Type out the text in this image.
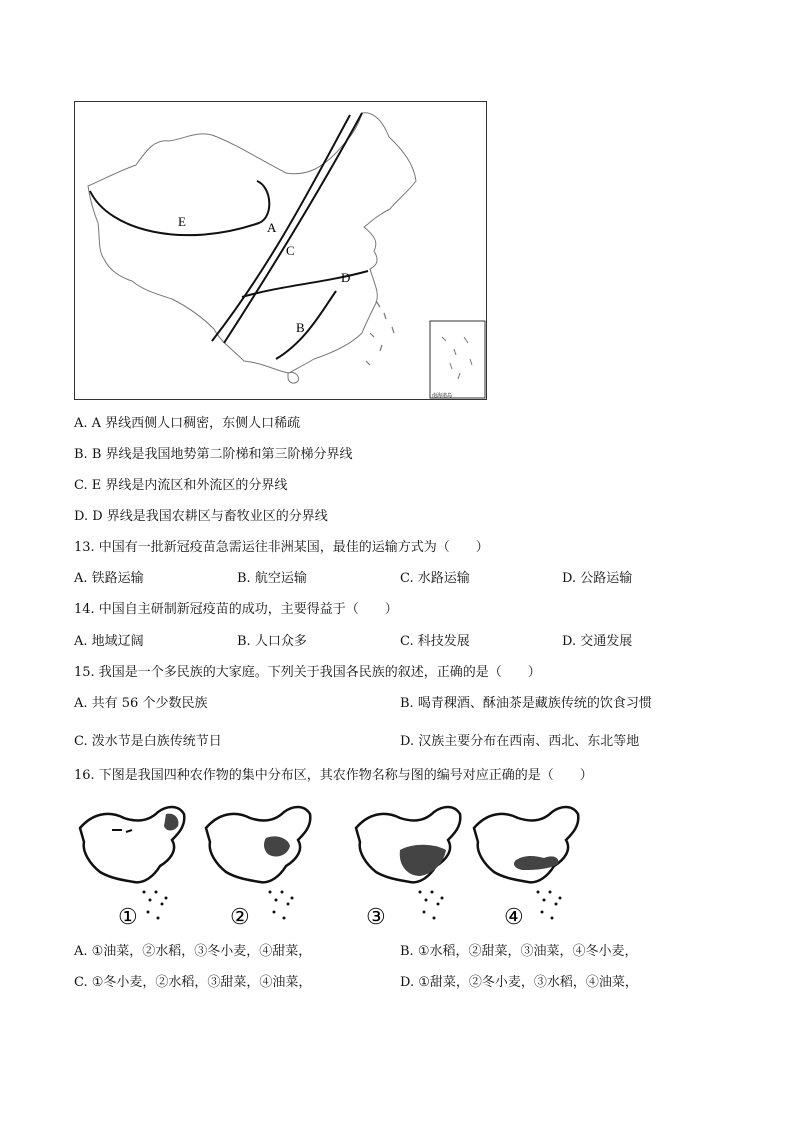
E	A
C
D
B
南海诸岛
A. A 界线西侧人口稠密，东侧人口稀疏
B. B 界线是我国地势第二阶梯和第三阶梯分界线
C. E 界线是内流区和外流区的分界线
D. D 界线是我国农耕区与畜牧业区的分界线
13. 中国有一批新冠疫苗急需运往非洲某国，最佳的运输方式为（　　）
A. 铁路运输	B. 航空运输	C. 水路运输	D. 公路运输
14. 中国自主研制新冠疫苗的成功，主要得益于（　　）
A. 地域辽阔	B. 人口众多	C. 科技发展	D. 交通发展
15. 我国是一个多民族的大家庭。下列关于我国各民族的叙述，正确的是（　　）
A. 共有 56 个少数民族	B. 喝青稞酒、酥油茶是藏族传统的饮食习惯
C. 泼水节是白族传统节日	D. 汉族主要分布在西南、西北、东北等地
16. 下图是我国四种农作物的集中分布区，其农作物名称与图的编号对应正确的是（　　）
①	②	③	④
A. ①油菜，②水稻，③冬小麦，④甜菜，	B. ①水稻，②甜菜，③油菜，④冬小麦，
C. ①冬小麦，②水稻，③甜菜，④油菜，	D. ①甜菜，②冬小麦，③水稻，④油菜，
